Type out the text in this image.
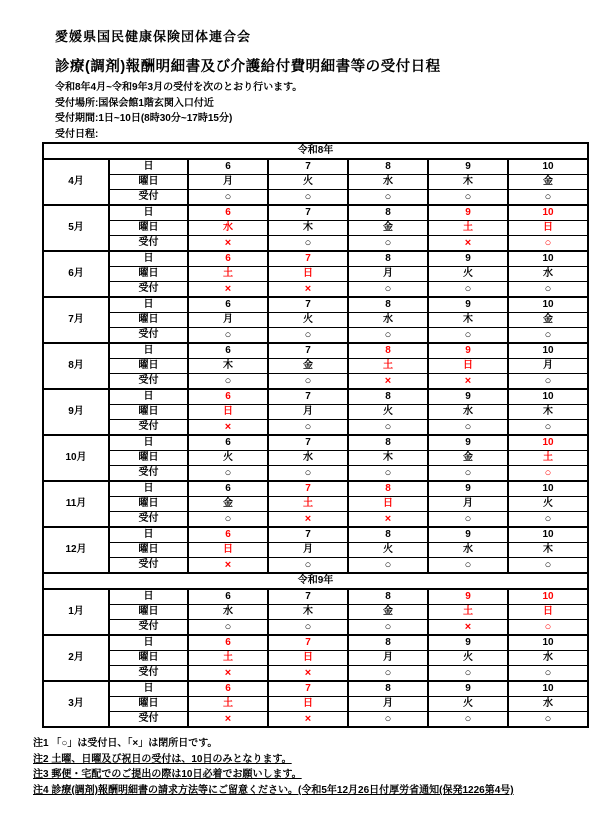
愛媛県国民健康保険団体連合会
診療(調剤)報酬明細書及び介護給付費明細書等の受付日程
令和8年4月~令和9年3月の受付を次のとおり行います。
受付場所:国保会館1階玄関入口付近
受付期間:1日~10日(8時30分~17時15分)
受付日程:
令和8年						
4月	日	6	7	8	9	10
	曜日	月	火	水	木	金
	受付	○	○	○	○	○
5月	日	6	7	8	9	10
	曜日	水	木	金	土	日
	受付	×	○	○	×	○
6月	日	6	7	8	9	10
	曜日	土	日	月	火	水
	受付	×	×	○	○	○
7月	日	6	7	8	9	10
	曜日	月	火	水	木	金
	受付	○	○	○	○	○
8月	日	6	7	8	9	10
	曜日	木	金	土	日	月
	受付	○	○	×	×	○
9月	日	6	7	8	9	10
	曜日	日	月	火	水	木
	受付	×	○	○	○	○
10月	日	6	7	8	9	10
	曜日	火	水	木	金	土
	受付	○	○	○	○	○
11月	日	6	7	8	9	10
	曜日	金	土	日	月	火
	受付	○	×	×	○	○
12月	日	6	7	8	9	10
	曜日	日	月	火	水	木
	受付	×	○	○	○	○
令和9年						
1月	日	6	7	8	9	10
	曜日	水	木	金	土	日
	受付	○	○	○	×	○
2月	日	6	7	8	9	10
	曜日	土	日	月	火	水
	受付	×	×	○	○	○
3月	日	6	7	8	9	10
	曜日	土	日	月	火	水
	受付	×	×	○	○	○
注1 「○」は受付日、「×」は閉所日です。
注2 土曜、日曜及び祝日の受付は、10日のみとなります。
注3 郵便・宅配でのご提出の際は10日必着でお願いします。
注4 診療(調剤)報酬明細書の請求方法等にご留意ください。(令和5年12月26日付厚労省通知(保発1226第4号)
